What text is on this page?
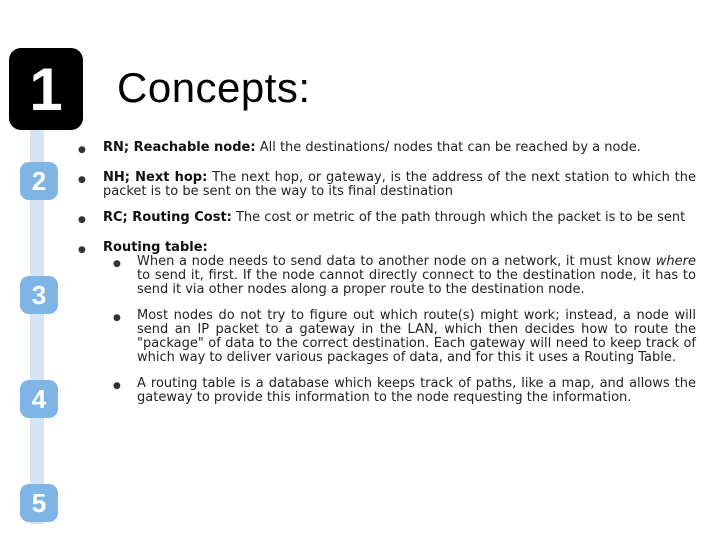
1
2
3
4
5
Concepts:
●	RN; Reachable node: All the destinations/ nodes that can be reached by a node.
●	NH; Next hop: The next hop, or gateway, is the address of the next station to which the packet is to be sent on the way to its final destination
●	RC; Routing Cost: The cost or metric of the path through which the packet is to be sent
●	Routing table:
●	When a node needs to send data to another node on a network, it must know where to send it, first. If the node cannot directly connect to the destination node, it has to send it via other nodes along a proper route to the destination node.
●	Most nodes do not try to figure out which route(s) might work; instead, a node will send an IP packet to a gateway in the LAN, which then decides how to route the "package" of data to the correct destination. Each gateway will need to keep track of which way to deliver various packages of data, and for this it uses a Routing Table.
●	A routing table is a database which keeps track of paths, like a map, and allows the gateway to provide this information to the node requesting the information.
